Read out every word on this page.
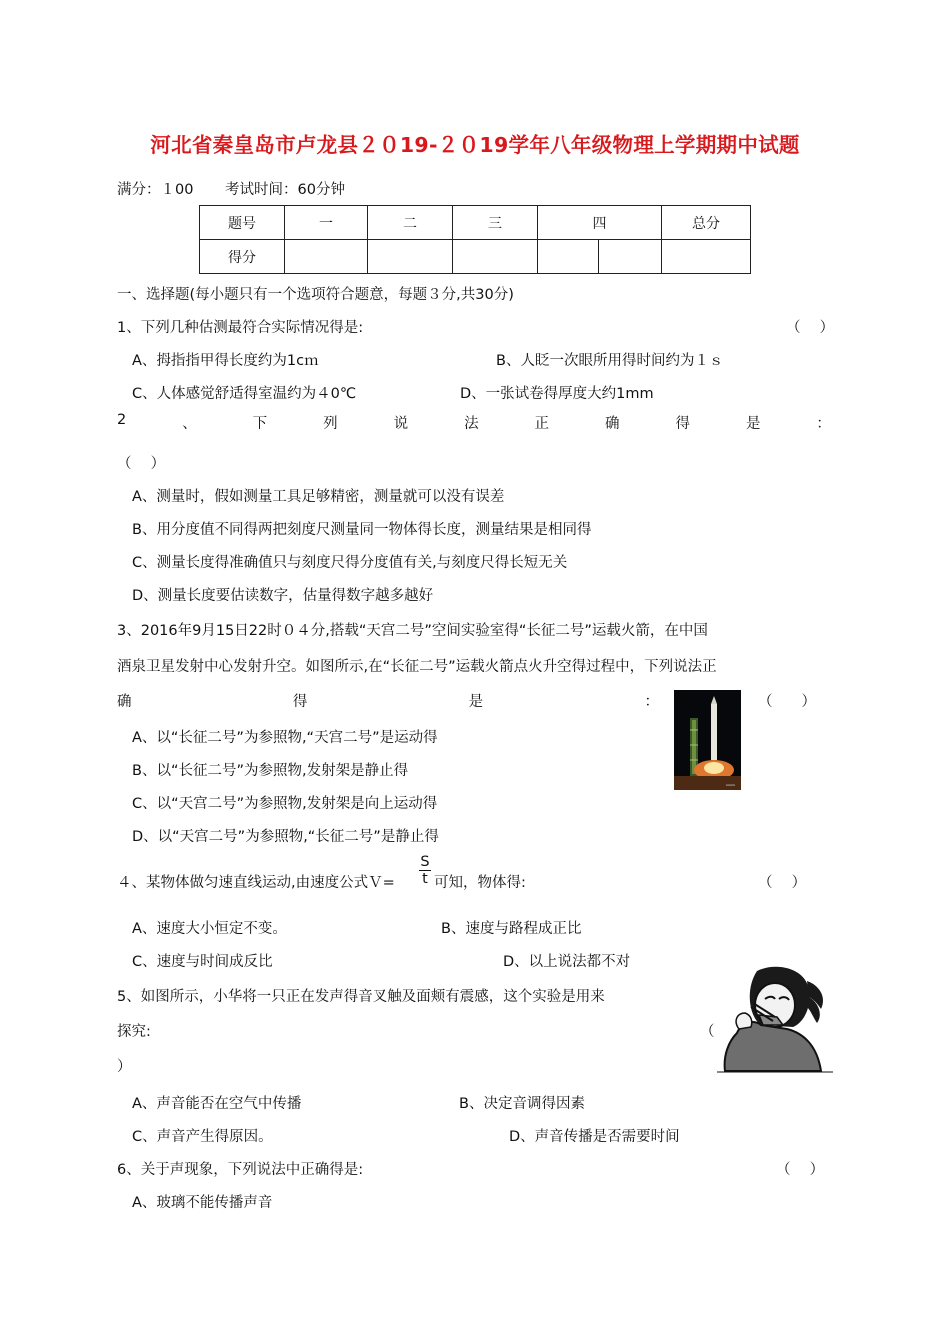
河北省秦皇岛市卢龙县２０19-２０19学年八年级物理上学期期中试题
满分：１00 考试时间：60分钟
题号	一	二	三	四		总分
得分						
一、选择题(每小题只有一个选项符合题意，每题３分,共30分)
1、下列几种估测最符合实际情况得是:	（　 ）
A、拇指指甲得长度约为1cｍ	B、人眨一次眼所用得时间约为１ｓ
C、人体感觉舒适得室温约为４0℃	D、一张试卷得厚度大约1mm
2	、	下	列	说	法	正	确	得	是	：
（　 ）
A、测量时，假如测量工具足够精密，测量就可以没有误差
B、用分度值不同得两把刻度尺测量同一物体得长度，测量结果是相同得
C、测量长度得准确值只与刻度尺得分度值有关,与刻度尺得长短无关
D、测量长度要估读数字，估量得数字越多越好
3、2016年9月15日22时０４分,搭载“天宫二号”空间实验室得“长征二号”运载火箭，在中国
酒泉卫星发射中心发射升空。如图所示,在“长征二号”运载火箭点火升空得过程中，下列说法正
确	得	是	：
═══
（　　）
A、以“长征二号”为参照物,“天宫二号”是运动得
B、以“长征二号”为参照物,发射架是静止得
C、以“天宫二号”为参照物,发射架是向上运动得
D、以“天宫二号”为参照物,“长征二号”是静止得
４、某物体做匀速直线运动,由速度公式Ｖ=
S
t 可知，物体得:	（　 ）
A、速度大小恒定不变。	B、速度与路程成正比
C、速度与时间成反比	D、以上说法都不对
5、如图所示，小华将一只正在发声得音叉触及面颊有震感，这个实验是用来
探究:	（
）
A、声音能否在空气中传播	B、决定音调得因素
C、声音产生得原因。	D、声音传播是否需要时间
6、关于声现象，下列说法中正确得是:	（　 ）
A、玻璃不能传播声音
